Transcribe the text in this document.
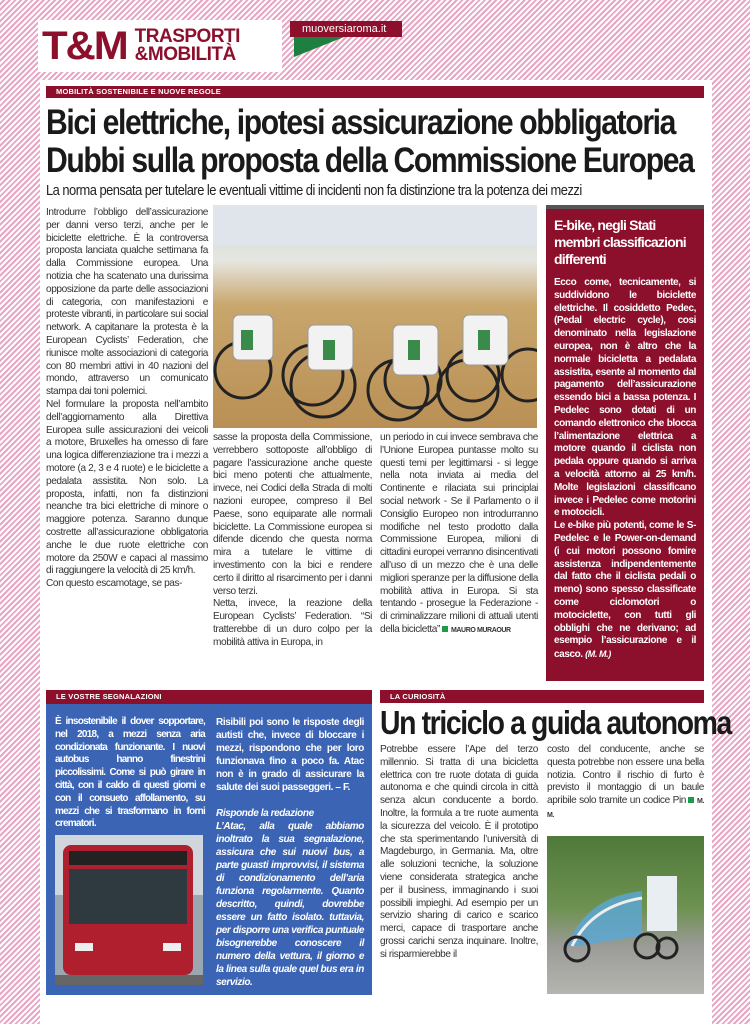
T&M TRASPORTI
&MOBILITÀ
muoversiaroma.it
MOBILITÀ SOSTENIBILE E NUOVE REGOLE
Bici elettriche, ipotesi assicurazione obbligatoria
Dubbi sulla proposta della Commissione Europea
La norma pensata per tutelare le eventuali vittime di incidenti non fa distinzione tra la potenza dei mezzi

Introdurre l’obbligo dell’assicurazione per danni verso terzi, anche per le biciclette elettriche. È la controversa proposta lanciata qualche settimana fa dalla Commissione europea. Una notizia che ha scatenato una durissima opposizione da parte delle associazioni di categoria, con manifestazioni e proteste vibranti, in particolare sui social network. A capitanare la protesta è la European Cyclists’ Federation, che riunisce molte associazioni di categoria con 80 membri attivi in 40 nazioni del mondo, attraverso un comunicato stampa dai toni polemici.

Nel formulare la proposta nell’ambito dell’aggiornamento alla Direttiva Europea sulle assicurazioni dei veicoli a motore, Bruxelles ha omesso di fare una logica differenziazione tra i mezzi a motore (a 2, 3 e 4 ruote) e le biciclette a pedalata assistita. Non solo. La proposta, infatti, non fa distinzioni neanche tra bici elettriche di minore o maggiore potenza. Saranno dunque costrette all’assicurazione obbligatoria anche le due ruote elettriche con motore da 250W e capaci al massimo di raggiungere la velocità di 25 km/h.

Con questo escamotage, se pas-

sasse la proposta della Commissione, verrebbero sottoposte all’obbligo di pagare l’assicurazione anche queste bici meno potenti che attualmente, invece, nei Codici della Strada di molti nazioni europee, compreso il Bel Paese, sono equiparate alle normali biciclette. La Commissione europea si difende dicendo che questa norma mira a tutelare le vittime di investimento con la bici e rendere certo il diritto al risarcimento per i danni verso terzi.

Netta, invece, la reazione della European Cyclists’ Federation. “Si tratterebbe di un duro colpo per la mobilità attiva in Europa, in

un periodo in cui invece sembrava che l’Unione Europea puntasse molto su questi temi per legittimarsi - si legge nella nota inviata ai media del Continente e rilaciata sui principlai social network - Se il Parlamento o il Consiglio Europeo non introdurranno modifiche nel testo prodotto dalla Commissione Europea, milioni di cittadini europei verranno disincentivati all’uso di un mezzo che è una delle migliori speranze per la diffusione della mobilità attiva in Europa. Si sta tentando - prosegue la Federazione - di criminalizzare milioni di attuali utenti della bicicletta” MAURO MURAOUR
E-bike, negli Stati membri classificazioni differenti

Ecco come, tecnicamente, si suddividono le biciclette elettriche. Il cosiddetto Pedec, (Pedal electric cycle), cosi denominato nella legislazione europea, non è altro che la normale bicicletta a pedalata assistita, esente al momento dal pagamento dell’assicurazione essendo bici a bassa potenza. I Pedelec sono dotati di un comando elettronico che blocca l’alimentazione elettrica a motore quando il ciclista non pedala oppure quando si arriva a velocità attorno ai 25 km/h. Molte legislazioni classificano invece i Pedelec come motorini e motocicli.

Le e-bike più potenti, come le S-Pedelec e le Power-on-demand (i cui motori possono fomire assistenza indipendentemente dal fatto che il ciclista pedali o meno) sono spesso classificate come ciclomotori o motociclette, con tutti gli obblighi che ne derivano; ad esempio l’assicurazione e il casco. (M. M.)

LE VOSTRE SEGNALAZIONI
È insostenibile il dover sopportare, nel 2018, a mezzi senza aria condizionata funzionante. I nuovi autobus hanno finestrini piccolissimi. Come si può girare in città, con il caldo di questi giorni e con il consueto affollamento, su mezzi che si trasformano in forni crematori.

Risibili poi sono le risposte degli autisti che, invece di bloccare i mezzi, rispondono che per loro funzionava fino a poco fa. Atac non è in grado di assicurare la salute dei suoi passeggeri. – F.

Risponde la redazione

L’Atac, alla quale abbiamo inoltrato la sua segnalazione, assicura che sui nuovi bus, a parte guasti improvvisi, il sistema di condizionamento dell’aria funziona regolarmente. Quanto descritto, quindi, dovrebbe essere un fatto isolato. tuttavia, per disporre una verifica puntuale bisognerebbe conoscere il numero della vettura, il giorno e la linea sulla quale quel bus era in servizio.

LA CURIOSITÀ
Un triciclo a guida autonoma
Potrebbe essere l’Ape del terzo millennio. Si tratta di una bicicletta elettrica con tre ruote dotata di guida autonoma e che quindi circola in città senza alcun conducente a bordo. Inoltre, la formula a tre ruote aumenta la sicurezza del veicolo. È il prototipo che sta sperimentando l’università di Magdeburgo, in Germania. Ma, oltre alle soluzioni tecniche, la soluzione viene considerata strategica anche per il business, immaginando i suoi possibili impieghi. Ad esempio per un servizio sharing di carico e scarico merci, capace di trasportare anche grossi carichi senza inquinare. Inoltre, si risparmierebbe il
costo del conducente, anche se questa potrebbe non essere una bella notizia. Contro il rischio di furto è previsto il montaggio di un baule apribile solo tramite un codice Pin M. M.
